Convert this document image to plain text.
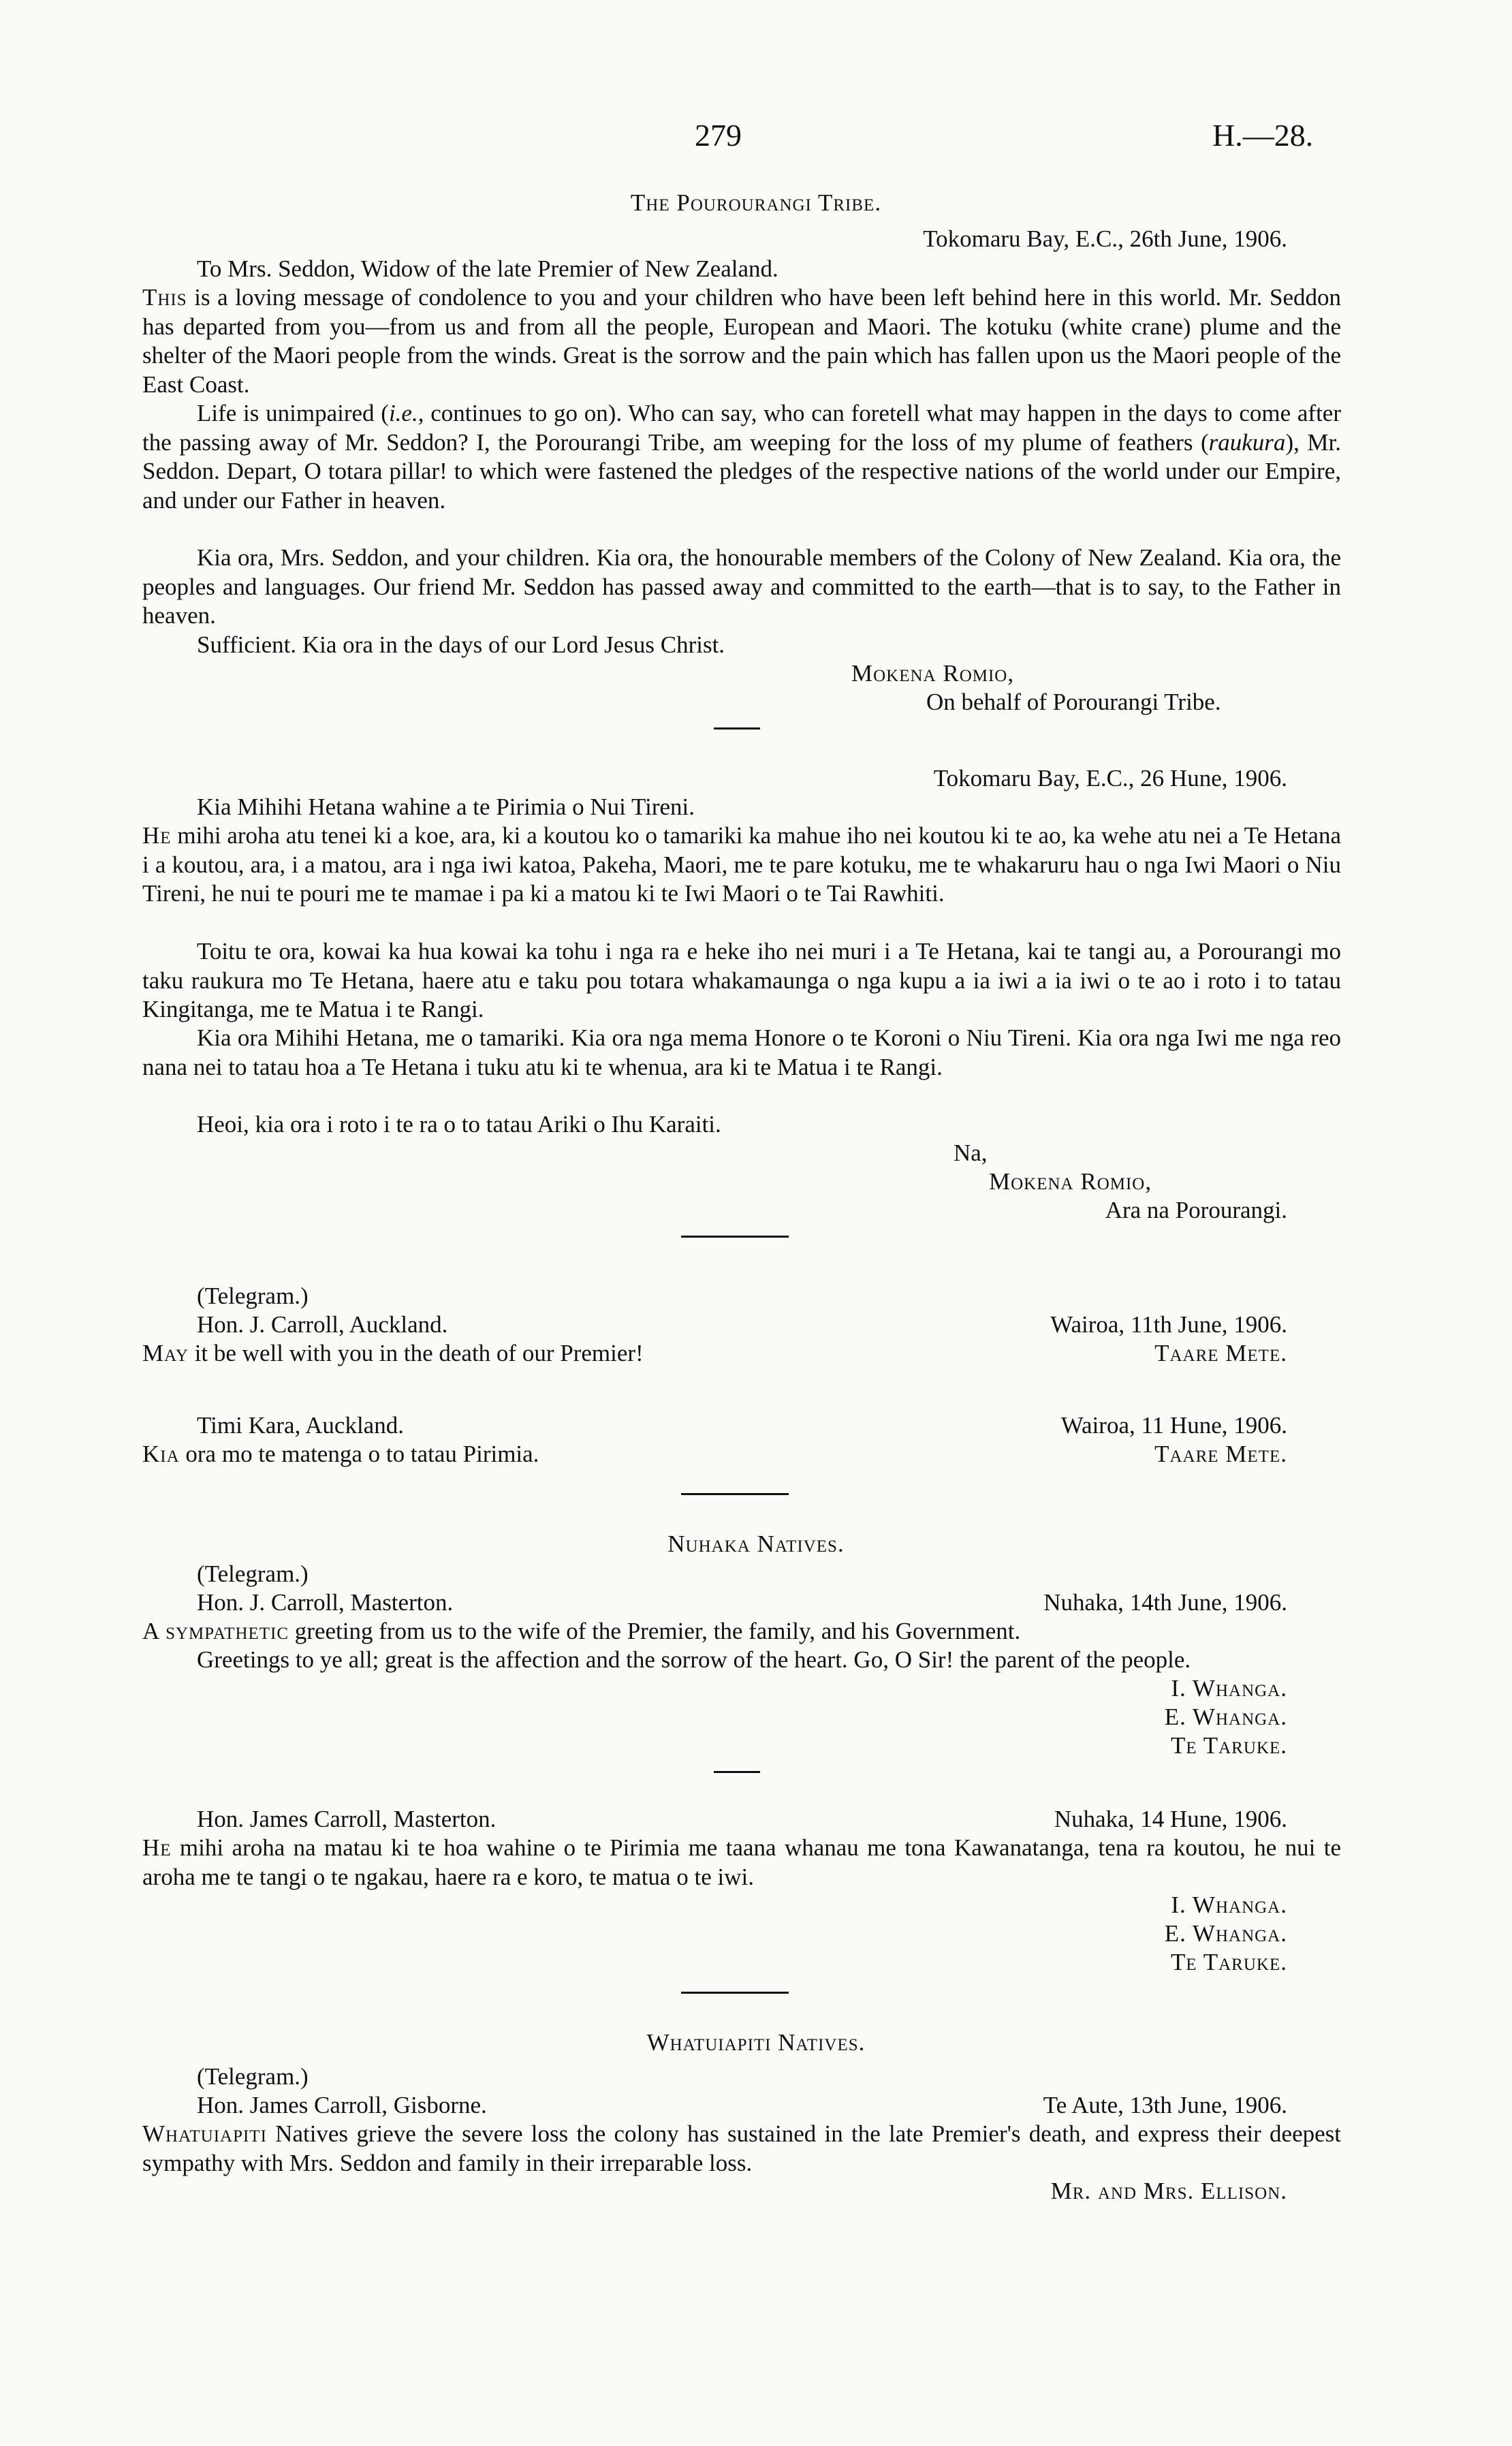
279	H.—28.
The Pourourangi Tribe.
Tokomaru Bay, E.C., 26th June, 1906.
To Mrs. Seddon, Widow of the late Premier of New Zealand.
This is a loving message of condolence to you and your children who have been left behind here in this world. Mr. Seddon has departed from you—from us and from all the people, European and Maori. The kotuku (white crane) plume and the shelter of the Maori people from the winds. Great is the sorrow and the pain which has fallen upon us the Maori people of the East Coast.
Life is unimpaired (i.e., continues to go on). Who can say, who can foretell what may happen in the days to come after the passing away of Mr. Seddon? I, the Porourangi Tribe, am weeping for the loss of my plume of feathers (raukura), Mr. Seddon. Depart, O totara pillar! to which were fastened the pledges of the respective nations of the world under our Empire, and under our Father in heaven.
Kia ora, Mrs. Seddon, and your children. Kia ora, the honourable members of the Colony of New Zealand. Kia ora, the peoples and languages. Our friend Mr. Seddon has passed away and committed to the earth—that is to say, to the Father in heaven.
Sufficient. Kia ora in the days of our Lord Jesus Christ.
Mokena Romio,
On behalf of Porourangi Tribe.
Tokomaru Bay, E.C., 26 Hune, 1906.
Kia Mihihi Hetana wahine a te Pirimia o Nui Tireni.
He mihi aroha atu tenei ki a koe, ara, ki a koutou ko o tamariki ka mahue iho nei koutou ki te ao, ka wehe atu nei a Te Hetana i a koutou, ara, i a matou, ara i nga iwi katoa, Pakeha, Maori, me te pare kotuku, me te whakaruru hau o nga Iwi Maori o Niu Tireni, he nui te pouri me te mamae i pa ki a matou ki te Iwi Maori o te Tai Rawhiti.
Toitu te ora, kowai ka hua kowai ka tohu i nga ra e heke iho nei muri i a Te Hetana, kai te tangi au, a Porourangi mo taku raukura mo Te Hetana, haere atu e taku pou totara whakamaunga o nga kupu a ia iwi a ia iwi o te ao i roto i to tatau Kingitanga, me te Matua i te Rangi.
Kia ora Mihihi Hetana, me o tamariki. Kia ora nga mema Honore o te Koroni o Niu Tireni. Kia ora nga Iwi me nga reo nana nei to tatau hoa a Te Hetana i tuku atu ki te whenua, ara ki te Matua i te Rangi.
Heoi, kia ora i roto i te ra o to tatau Ariki o Ihu Karaiti.
Na,
Mokena Romio,
Ara na Porourangi.
(Telegram.)
Hon. J. Carroll, Auckland.	Wairoa, 11th June, 1906.
May it be well with you in the death of our Premier!	Taare Mete.
Timi Kara, Auckland.	Wairoa, 11 Hune, 1906.
Kia ora mo te matenga o to tatau Pirimia.	Taare Mete.
Nuhaka Natives.
(Telegram.)
Hon. J. Carroll, Masterton.	Nuhaka, 14th June, 1906.
A sympathetic greeting from us to the wife of the Premier, the family, and his Government.
Greetings to ye all; great is the affection and the sorrow of the heart. Go, O Sir! the parent of the people.
I. Whanga.
E. Whanga.
Te Taruke.
Hon. James Carroll, Masterton.	Nuhaka, 14 Hune, 1906.
He mihi aroha na matau ki te hoa wahine o te Pirimia me taana whanau me tona Kawanatanga, tena ra koutou, he nui te aroha me te tangi o te ngakau, haere ra e koro, te matua o te iwi.
I. Whanga.
E. Whanga.
Te Taruke.
Whatuiapiti Natives.
(Telegram.)
Hon. James Carroll, Gisborne.	Te Aute, 13th June, 1906.
Whatuiapiti Natives grieve the severe loss the colony has sustained in the late Premier's death, and express their deepest sympathy with Mrs. Seddon and family in their irreparable loss.
Mr. and Mrs. Ellison.
